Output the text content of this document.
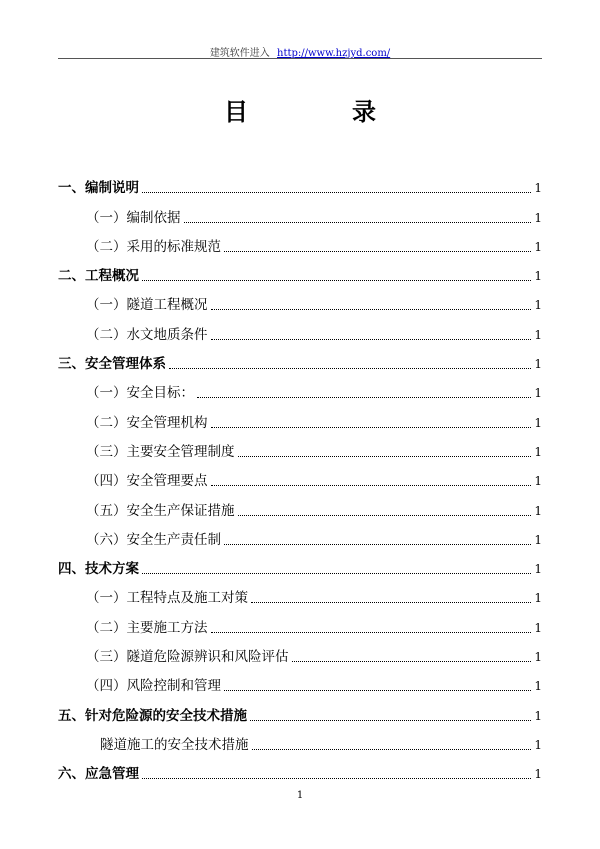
建筑软件进入 http://www.hzjyd.com/
目　录
一、编制说明	1
（一）编制依据	1
（二）采用的标准规范	1
二、工程概况	1
（一）隧道工程概况	1
（二）水文地质条件	1
三、安全管理体系	1
（一）安全目标：	1
（二）安全管理机构	1
（三）主要安全管理制度	1
（四）安全管理要点	1
（五）安全生产保证措施	1
（六）安全生产责任制	1
四、技术方案	1
（一）工程特点及施工对策	1
（二）主要施工方法	1
（三）隧道危险源辨识和风险评估	1
（四）风险控制和管理	1
五、针对危险源的安全技术措施	1
隧道施工的安全技术措施	1
六、应急管理	1
1
